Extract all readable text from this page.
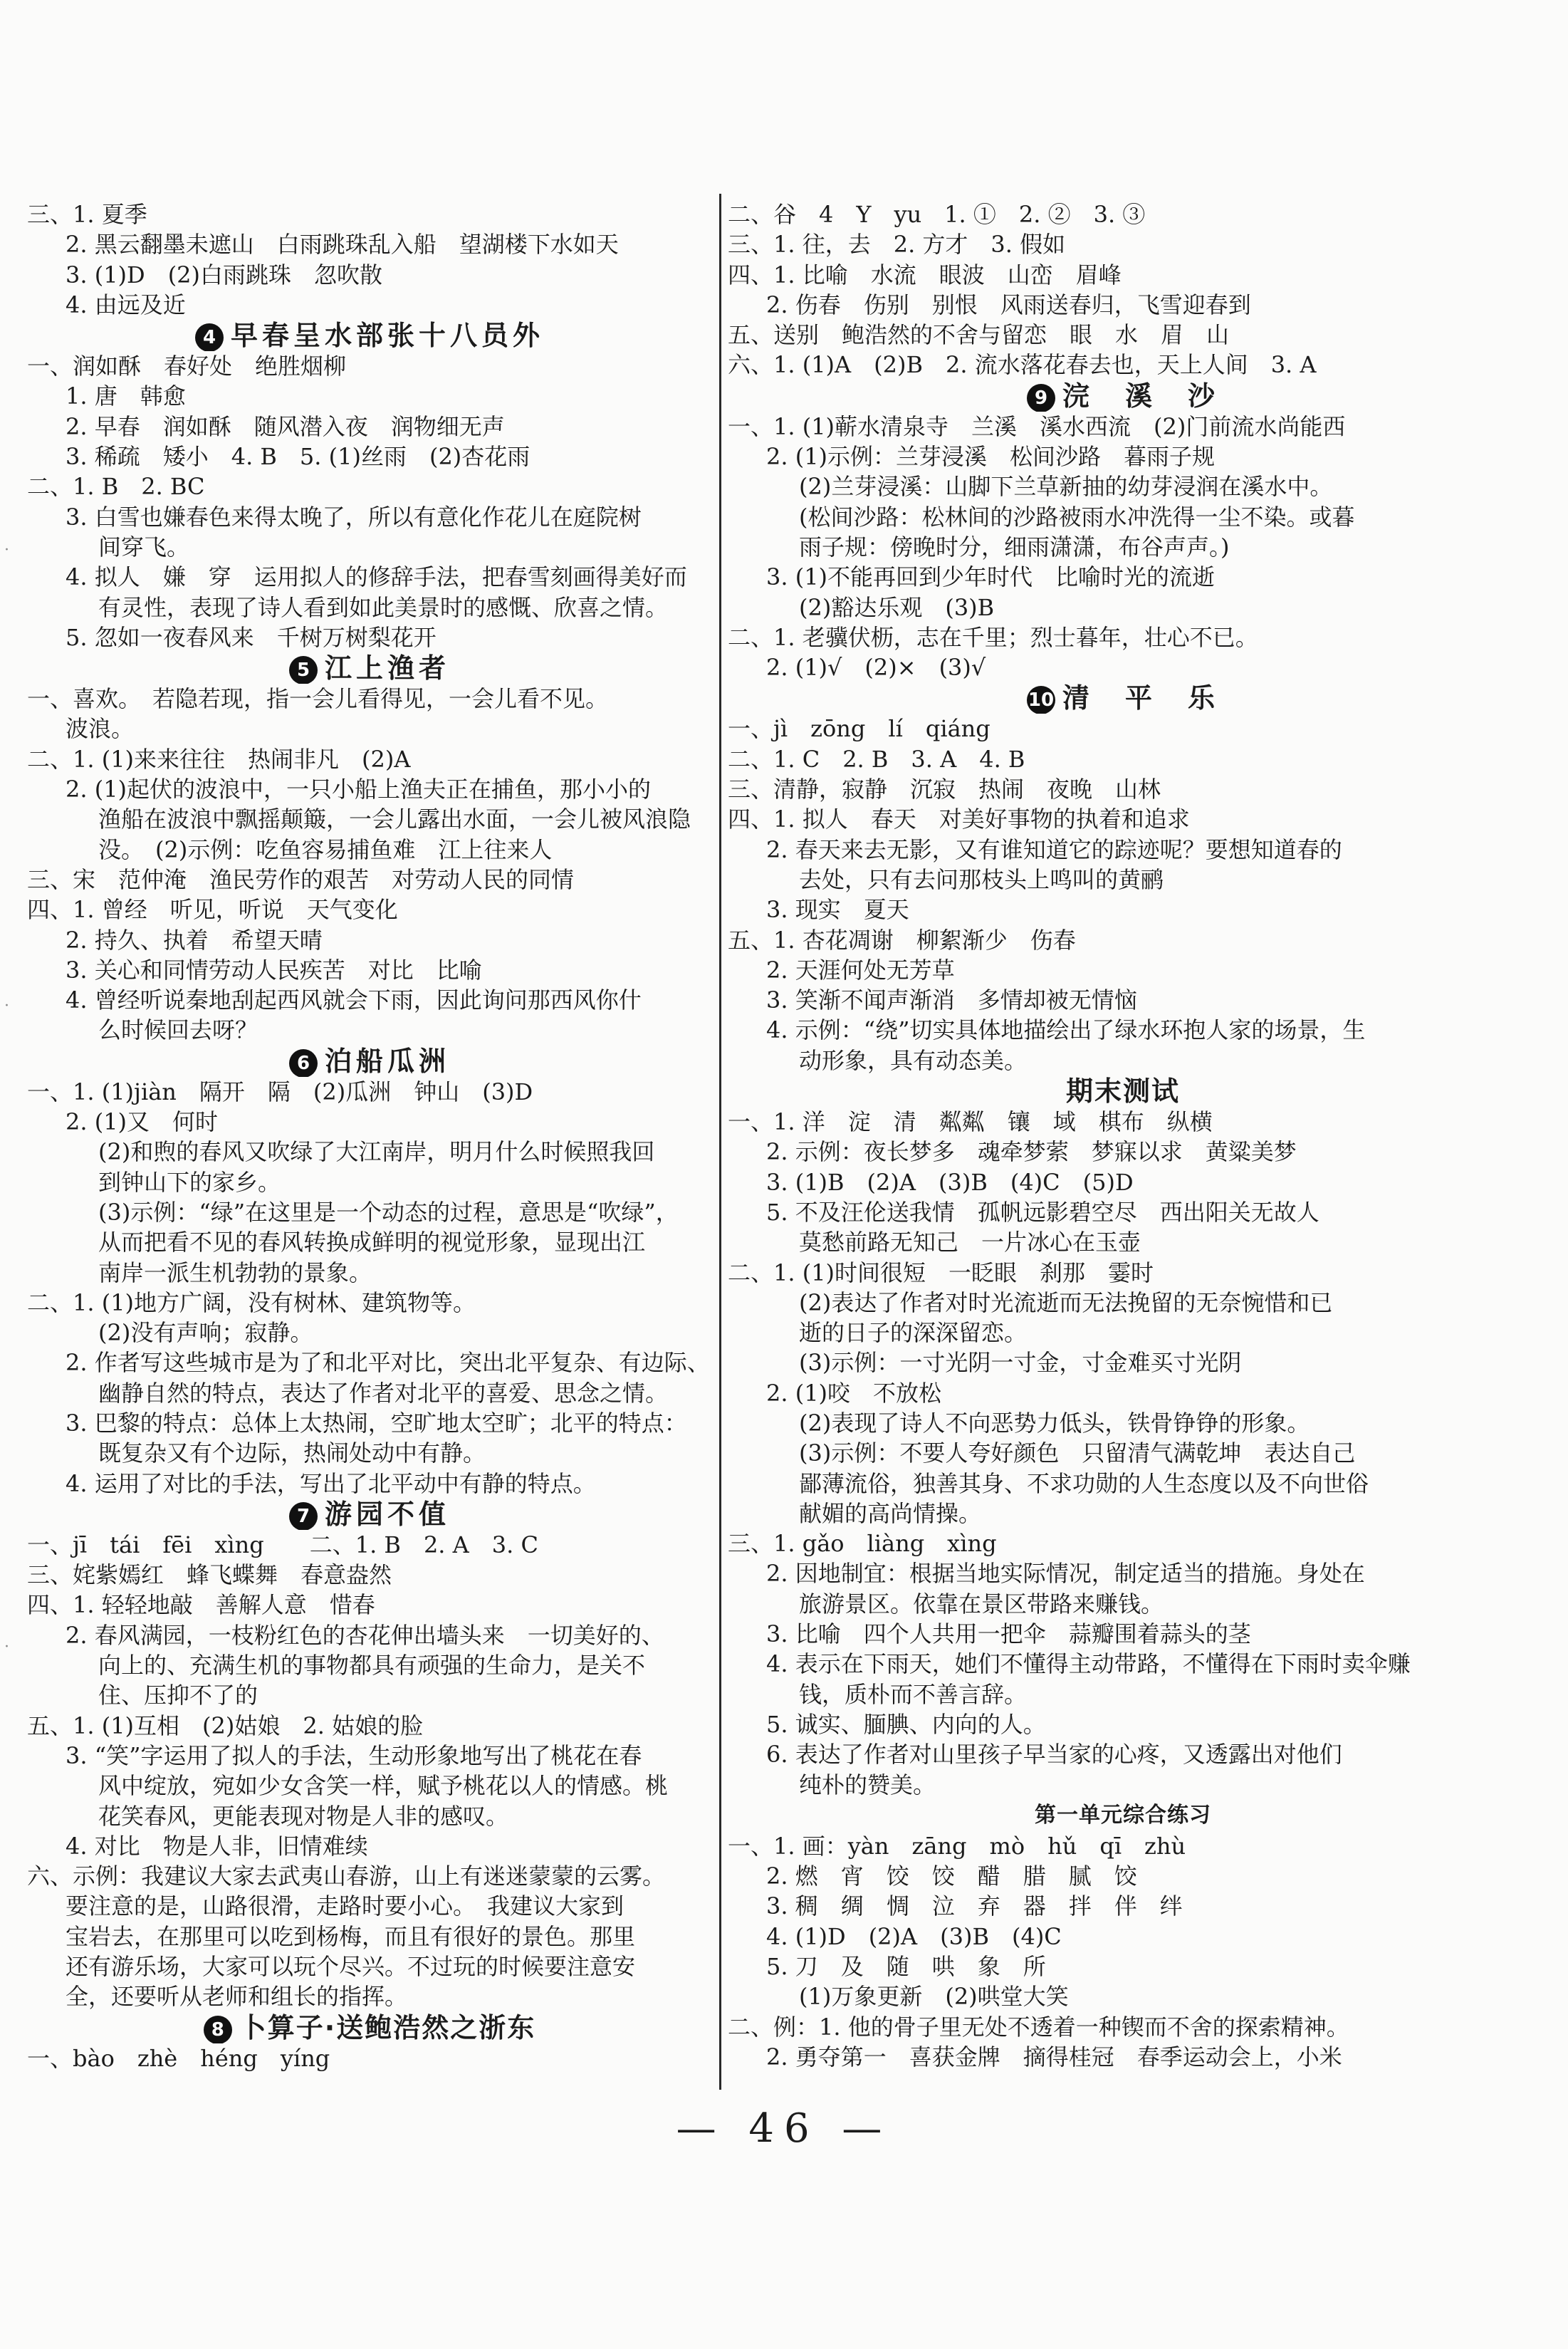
·
·
·
三、1. 夏季
2. 黑云翻墨未遮山　白雨跳珠乱入船　望湖楼下水如天
3. (1)D　(2)白雨跳珠　忽吹散
4. 由远及近
4 早春呈水部张十八员外
一、润如酥　春好处　绝胜烟柳
1. 唐　韩愈
2. 早春　润如酥　随风潜入夜　润物细无声
3. 稀疏　矮小　4. B　5. (1)丝雨　(2)杏花雨
二、1. B　2. BC
3. 白雪也嫌春色来得太晚了，所以有意化作花儿在庭院树
间穿飞。
4. 拟人　嫌　穿　运用拟人的修辞手法，把春雪刻画得美好而
有灵性，表现了诗人看到如此美景时的感慨、欣喜之情。
5. 忽如一夜春风来　千树万树梨花开
5 江上渔者
一、喜欢。　若隐若现，指一会儿看得见，一会儿看不见。
波浪。
二、1. (1)来来往往　热闹非凡　(2)A
2. (1)起伏的波浪中，一只小船上渔夫正在捕鱼，那小小的
渔船在波浪中飘摇颠簸，一会儿露出水面，一会儿被风浪隐
没。　(2)示例：吃鱼容易捕鱼难　江上往来人
三、宋　范仲淹　渔民劳作的艰苦　对劳动人民的同情
四、1. 曾经　听见，听说　天气变化
2. 持久、执着　希望天晴
3. 关心和同情劳动人民疾苦　对比　比喻
4. 曾经听说秦地刮起西风就会下雨，因此询问那西风你什
么时候回去呀？
6 泊船瓜洲
一、1. (1)jiàn　隔开　隔　(2)瓜洲　钟山　(3)D
2. (1)又　何时
(2)和煦的春风又吹绿了大江南岸，明月什么时候照我回
到钟山下的家乡。
(3)示例：“绿”在这里是一个动态的过程，意思是“吹绿”，
从而把看不见的春风转换成鲜明的视觉形象，显现出江
南岸一派生机勃勃的景象。
二、1. (1)地方广阔，没有树林、建筑物等。
(2)没有声响；寂静。
2. 作者写这些城市是为了和北平对比，突出北平复杂、有边际、
幽静自然的特点，表达了作者对北平的喜爱、思念之情。
3. 巴黎的特点：总体上太热闹，空旷地太空旷；北平的特点：
既复杂又有个边际，热闹处动中有静。
4. 运用了对比的手法，写出了北平动中有静的特点。
7 游园不值
一、jī　tái　fēi　xìng　　二、1. B　2. A　3. C
三、姹紫嫣红　蜂飞蝶舞　春意盎然
四、1. 轻轻地敲　善解人意　惜春
2. 春风满园，一枝粉红色的杏花伸出墙头来　一切美好的、
向上的、充满生机的事物都具有顽强的生命力，是关不
住、压抑不了的
五、1. (1)互相　(2)姑娘　2. 姑娘的脸
3. “笑”字运用了拟人的手法，生动形象地写出了桃花在春
风中绽放，宛如少女含笑一样，赋予桃花以人的情感。桃
花笑春风，更能表现对物是人非的感叹。
4. 对比　物是人非，旧情难续
六、示例：我建议大家去武夷山春游，山上有迷迷蒙蒙的云雾。
要注意的是，山路很滑，走路时要小心。　我建议大家到
宝岩去，在那里可以吃到杨梅，而且有很好的景色。那里
还有游乐场，大家可以玩个尽兴。不过玩的时候要注意安
全，还要听从老师和组长的指挥。
8 卜算子·送鲍浩然之浙东
一、bào　zhè　héng　yíng
二、谷　4　Y　yu　1. ①　2. ②　3. ③
三、1. 往，去　2. 方才　3. 假如
四、1. 比喻　水流　眼波　山峦　眉峰
2. 伤春　伤别　别恨　风雨送春归，飞雪迎春到
五、送别　鲍浩然的不舍与留恋　眼　水　眉　山
六、1. (1)A　(2)B　2. 流水落花春去也，天上人间　3. A
9 浣　溪　沙
一、1. (1)蕲水清泉寺　兰溪　溪水西流　(2)门前流水尚能西
2. (1)示例：兰芽浸溪　松间沙路　暮雨子规
(2)兰芽浸溪：山脚下兰草新抽的幼芽浸润在溪水中。
(松间沙路：松林间的沙路被雨水冲洗得一尘不染。或暮
雨子规：傍晚时分，细雨潇潇，布谷声声。)
3. (1)不能再回到少年时代　比喻时光的流逝
(2)豁达乐观　(3)B
二、1. 老骥伏枥，志在千里；烈士暮年，壮心不已。
2. (1)√　(2)×　(3)√
10 清　平　乐
一、jì　zōng　lí　qiáng
二、1. C　2. B　3. A　4. B
三、清静，寂静　沉寂　热闹　夜晚　山林
四、1. 拟人　春天　对美好事物的执着和追求
2. 春天来去无影，又有谁知道它的踪迹呢？要想知道春的
去处，只有去问那枝头上鸣叫的黄鹂
3. 现实　夏天
五、1. 杏花凋谢　柳絮渐少　伤春
2. 天涯何处无芳草
3. 笑渐不闻声渐消　多情却被无情恼
4. 示例：“绕”切实具体地描绘出了绿水环抱人家的场景，生
动形象，具有动态美。
期末测试
一、1. 洋　淀　清　粼粼　镶　域　棋布　纵横
2. 示例：夜长梦多　魂牵梦萦　梦寐以求　黄粱美梦
3. (1)B　(2)A　(3)B　(4)C　(5)D
5. 不及汪伦送我情　孤帆远影碧空尽　西出阳关无故人
莫愁前路无知己　一片冰心在玉壶
二、1. (1)时间很短　一眨眼　刹那　霎时
(2)表达了作者对时光流逝而无法挽留的无奈惋惜和已
逝的日子的深深留恋。
(3)示例：一寸光阴一寸金，寸金难买寸光阴
2. (1)咬　不放松
(2)表现了诗人不向恶势力低头，铁骨铮铮的形象。
(3)示例：不要人夸好颜色　只留清气满乾坤　表达自己
鄙薄流俗，独善其身、不求功勋的人生态度以及不向世俗
献媚的高尚情操。
三、1. gǎo　liàng　xìng
2. 因地制宜：根据当地实际情况，制定适当的措施。身处在
旅游景区。依靠在景区带路来赚钱。
3. 比喻　四个人共用一把伞　蒜瓣围着蒜头的茎
4. 表示在下雨天，她们不懂得主动带路，不懂得在下雨时卖伞赚
钱，质朴而不善言辞。
5. 诚实、腼腆、内向的人。
6. 表达了作者对山里孩子早当家的心疼，又透露出对他们
纯朴的赞美。
第一单元综合练习
一、1. 画：yàn　zāng　mò　hǔ　qī　zhù
2. 燃　宵　饺　饺　醋　腊　腻　饺
3. 稠　绸　惆　泣　弃　器　拌　伴　绊
4. (1)D　(2)A　(3)B　(4)C
5. 刀　及　随　哄　象　所
(1)万象更新　(2)哄堂大笑
二、例：1. 他的骨子里无处不透着一种锲而不舍的探索精神。
2. 勇夺第一　喜获金牌　摘得桂冠　春季运动会上，小米
— 46 —
